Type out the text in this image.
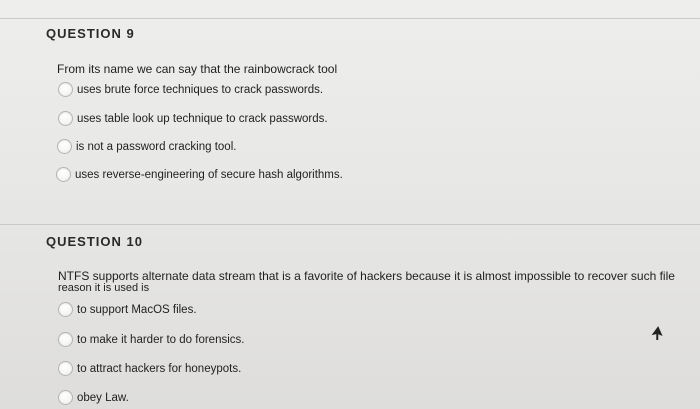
QUESTION 9
From its name we can say that the rainbowcrack tool
uses brute force techniques to crack passwords.
uses table look up technique to crack passwords.
is not a password cracking tool.
uses reverse-engineering of secure hash algorithms.
QUESTION 10
NTFS supports alternate data stream that is a favorite of hackers because it is almost impossible to recover such file
reason it is used is
to support MacOS files.
to make it harder to do forensics.
to attract hackers for honeypots.
obey Law.
